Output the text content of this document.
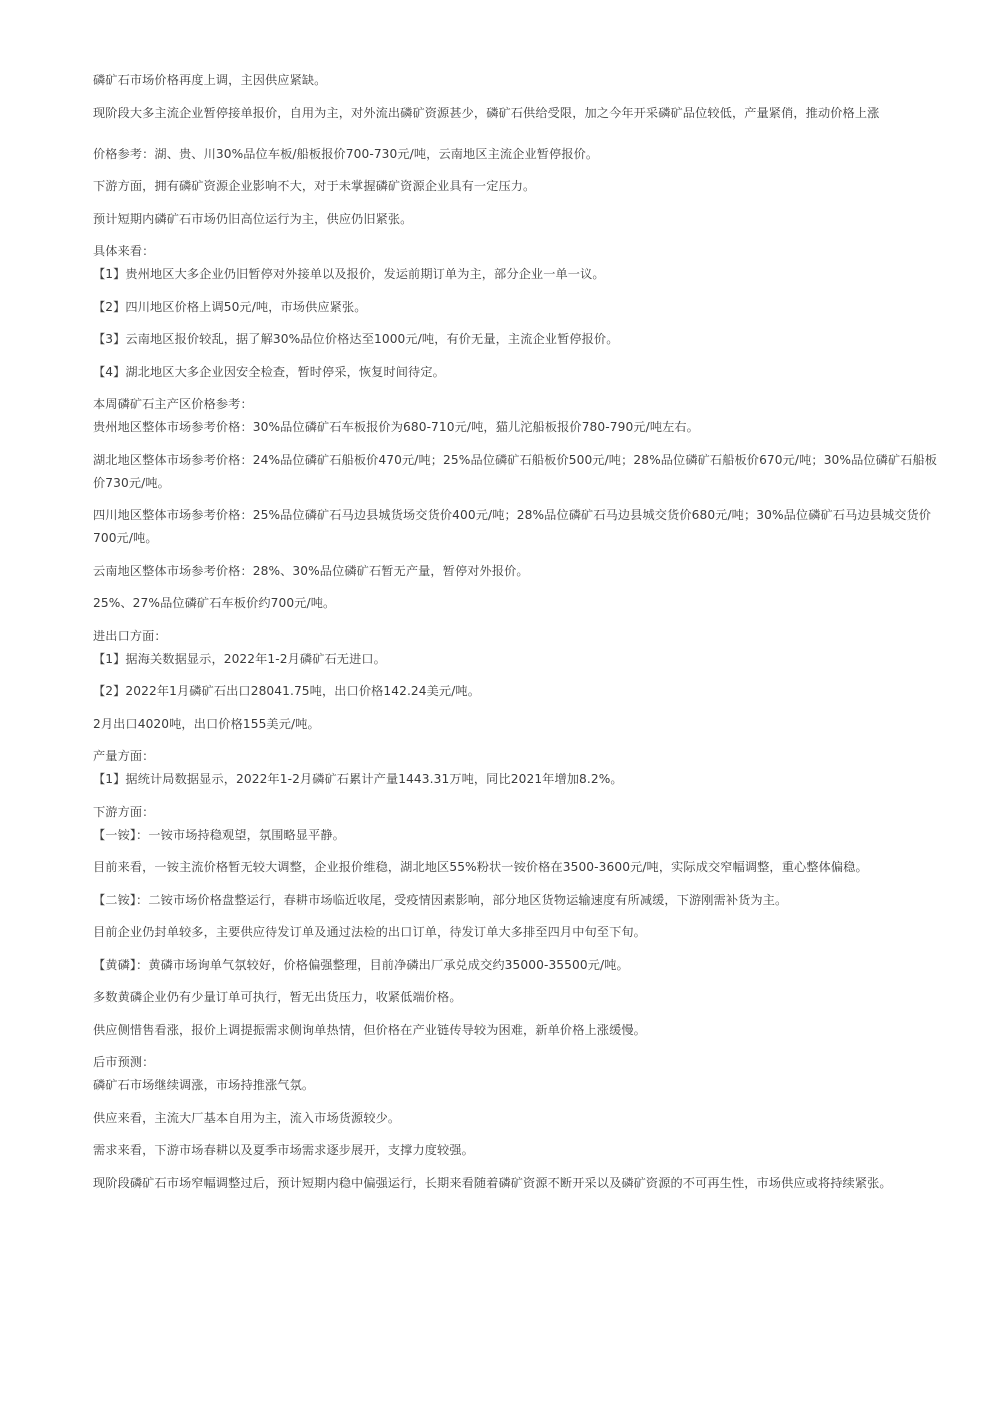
磷矿石市场价格再度上调，主因供应紧缺。

现阶段大多主流企业暂停接单报价，自用为主，对外流出磷矿资源甚少，磷矿石供给受限，加之今年开采磷矿品位较低，产量紧俏，推动价格上涨

价格参考：湖、贵、川30%品位车板/船板报价700-730元/吨，云南地区主流企业暂停报价。

下游方面，拥有磷矿资源企业影响不大，对于未掌握磷矿资源企业具有一定压力。

预计短期内磷矿石市场仍旧高位运行为主，供应仍旧紧张。

具体来看：

【1】贵州地区大多企业仍旧暂停对外接单以及报价，发运前期订单为主，部分企业一单一议。

【2】四川地区价格上调50元/吨，市场供应紧张。

【3】云南地区报价较乱，据了解30%品位价格达至1000元/吨，有价无量，主流企业暂停报价。

【4】湖北地区大多企业因安全检查，暂时停采，恢复时间待定。

本周磷矿石主产区价格参考：

贵州地区整体市场参考价格：30%品位磷矿石车板报价为680-710元/吨，猫儿沱船板报价780-790元/吨左右。

湖北地区整体市场参考价格：24%品位磷矿石船板价470元/吨；25%品位磷矿石船板价500元/吨；28%品位磷矿石船板价670元/吨；30%品位磷矿石船板价730元/吨。

四川地区整体市场参考价格：25%品位磷矿石马边县城货场交货价400元/吨；28%品位磷矿石马边县城交货价680元/吨；30%品位磷矿石马边县城交货价700元/吨。

云南地区整体市场参考价格：28%、30%品位磷矿石暂无产量，暂停对外报价。

25%、27%品位磷矿石车板价约700元/吨。

进出口方面：

【1】据海关数据显示，2022年1-2月磷矿石无进口。

【2】2022年1月磷矿石出口28041.75吨，出口价格142.24美元/吨。

2月出口4020吨，出口价格155美元/吨。

产量方面：

【1】据统计局数据显示，2022年1-2月磷矿石累计产量1443.31万吨，同比2021年增加8.2%。

下游方面：

【一铵】：一铵市场持稳观望，氛围略显平静。

目前来看，一铵主流价格暂无较大调整，企业报价维稳，湖北地区55%粉状一铵价格在3500-3600元/吨，实际成交窄幅调整，重心整体偏稳。

【二铵】：二铵市场价格盘整运行，春耕市场临近收尾，受疫情因素影响，部分地区货物运输速度有所减缓，下游刚需补货为主。

目前企业仍封单较多，主要供应待发订单及通过法检的出口订单，待发订单大多排至四月中旬至下旬。

【黄磷】：黄磷市场询单气氛较好，价格偏强整理，目前净磷出厂承兑成交约35000-35500元/吨。

多数黄磷企业仍有少量订单可执行，暂无出货压力，收紧低端价格。

供应侧惜售看涨，报价上调提振需求侧询单热情，但价格在产业链传导较为困难，新单价格上涨缓慢。

后市预测：

磷矿石市场继续调涨，市场持推涨气氛。

供应来看，主流大厂基本自用为主，流入市场货源较少。

需求来看，下游市场春耕以及夏季市场需求逐步展开，支撑力度较强。

现阶段磷矿石市场窄幅调整过后，预计短期内稳中偏强运行，长期来看随着磷矿资源不断开采以及磷矿资源的不可再生性，市场供应或将持续紧张。
